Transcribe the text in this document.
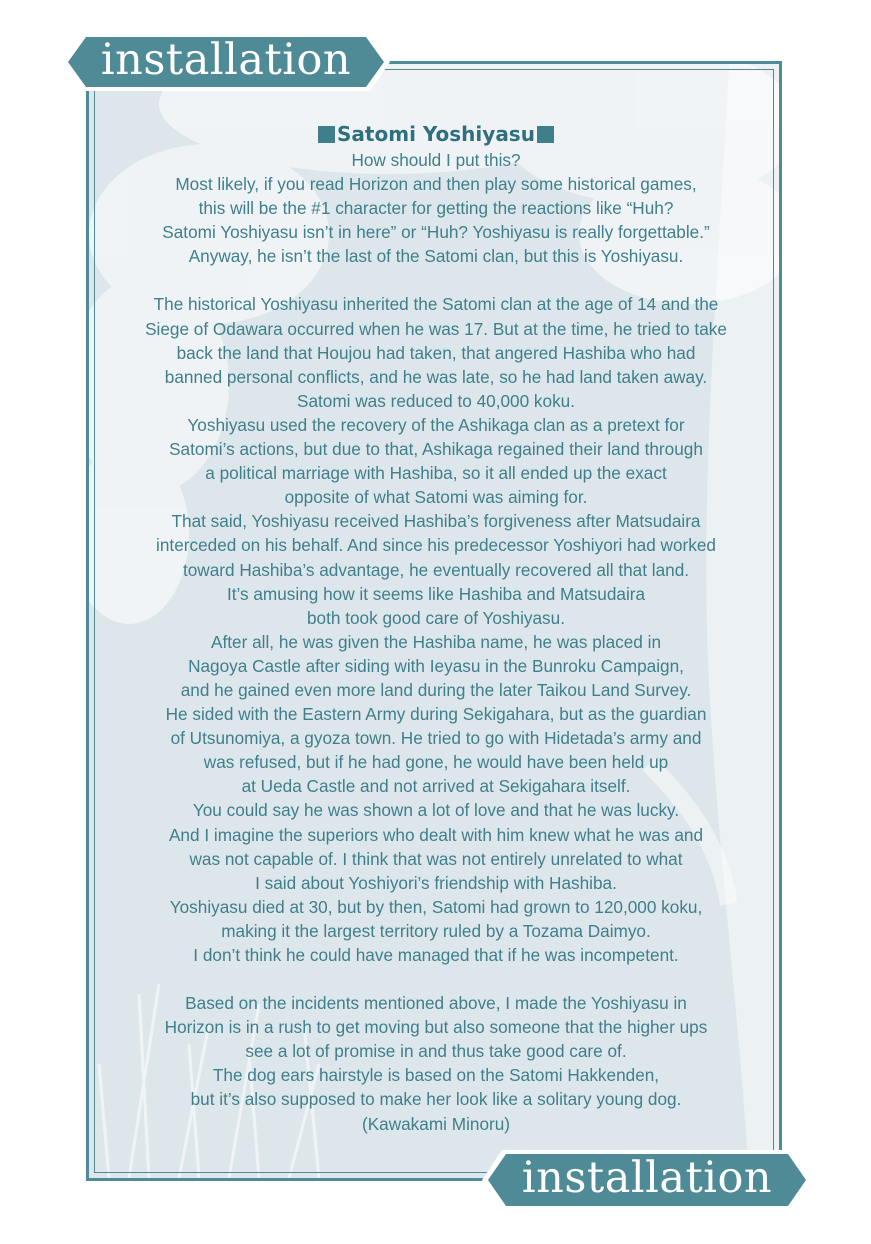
installation
installation
Satomi Yoshiyasu
How should I put this?
Most likely, if you read Horizon and then play some historical games,
this will be the #1 character for getting the reactions like “Huh?
Satomi Yoshiyasu isn’t in here” or “Huh? Yoshiyasu is really forgettable.”
Anyway, he isn’t the last of the Satomi clan, but this is Yoshiyasu.
The historical Yoshiyasu inherited the Satomi clan at the age of 14 and the
Siege of Odawara occurred when he was 17. But at the time, he tried to take
back the land that Houjou had taken, that angered Hashiba who had
banned personal conflicts, and he was late, so he had land taken away.
Satomi was reduced to 40,000 koku.
Yoshiyasu used the recovery of the Ashikaga clan as a pretext for
Satomi’s actions, but due to that, Ashikaga regained their land through
a political marriage with Hashiba, so it all ended up the exact
opposite of what Satomi was aiming for.
That said, Yoshiyasu received Hashiba’s forgiveness after Matsudaira
interceded on his behalf. And since his predecessor Yoshiyori had worked
toward Hashiba’s advantage, he eventually recovered all that land.
It’s amusing how it seems like Hashiba and Matsudaira
both took good care of Yoshiyasu.
After all, he was given the Hashiba name, he was placed in
Nagoya Castle after siding with Ieyasu in the Bunroku Campaign,
and he gained even more land during the later Taikou Land Survey.
He sided with the Eastern Army during Sekigahara, but as the guardian
of Utsunomiya, a gyoza town. He tried to go with Hidetada’s army and
was refused, but if he had gone, he would have been held up
at Ueda Castle and not arrived at Sekigahara itself.
You could say he was shown a lot of love and that he was lucky.
And I imagine the superiors who dealt with him knew what he was and
was not capable of. I think that was not entirely unrelated to what
I said about Yoshiyori’s friendship with Hashiba.
Yoshiyasu died at 30, but by then, Satomi had grown to 120,000 koku,
making it the largest territory ruled by a Tozama Daimyo.
I don’t think he could have managed that if he was incompetent.
Based on the incidents mentioned above, I made the Yoshiyasu in
Horizon is in a rush to get moving but also someone that the higher ups
see a lot of promise in and thus take good care of.
The dog ears hairstyle is based on the Satomi Hakkenden,
but it’s also supposed to make her look like a solitary young dog.
(Kawakami Minoru)
